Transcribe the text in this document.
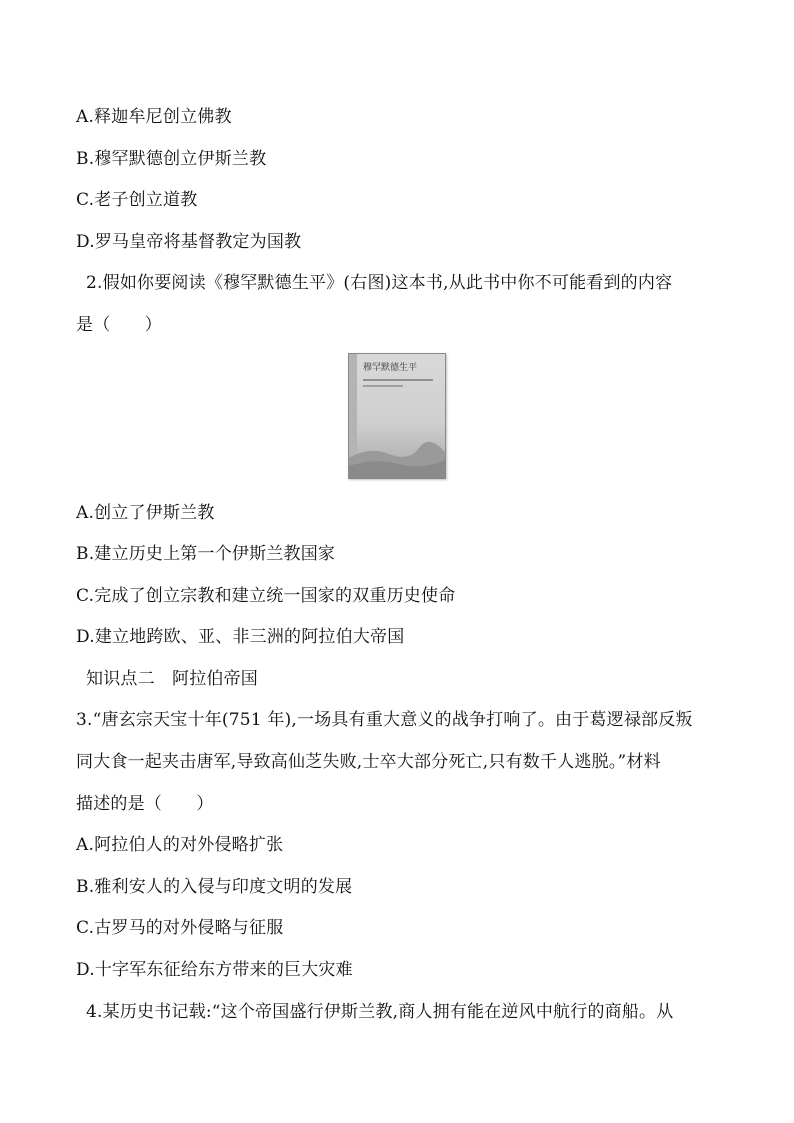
A.释迦牟尼创立佛教
B.穆罕默德创立伊斯兰教
C.老子创立道教
D.罗马皇帝将基督教定为国教
2.假如你要阅读《穆罕默德生平》(右图)这本书,从此书中你不可能看到的内容
是（　　）
穆罕默德生平
A.创立了伊斯兰教
B.建立历史上第一个伊斯兰教国家
C.完成了创立宗教和建立统一国家的双重历史使命
D.建立地跨欧、亚、非三洲的阿拉伯大帝国
知识点二　阿拉伯帝国
3.“唐玄宗天宝十年(751 年),一场具有重大意义的战争打响了。由于葛逻禄部反叛
同大食一起夹击唐军,导致高仙芝失败,士卒大部分死亡,只有数千人逃脱。”材料
描述的是（　　）
A.阿拉伯人的对外侵略扩张
B.雅利安人的入侵与印度文明的发展
C.古罗马的对外侵略与征服
D.十字军东征给东方带来的巨大灾难
4.某历史书记载:“这个帝国盛行伊斯兰教,商人拥有能在逆风中航行的商船。从
